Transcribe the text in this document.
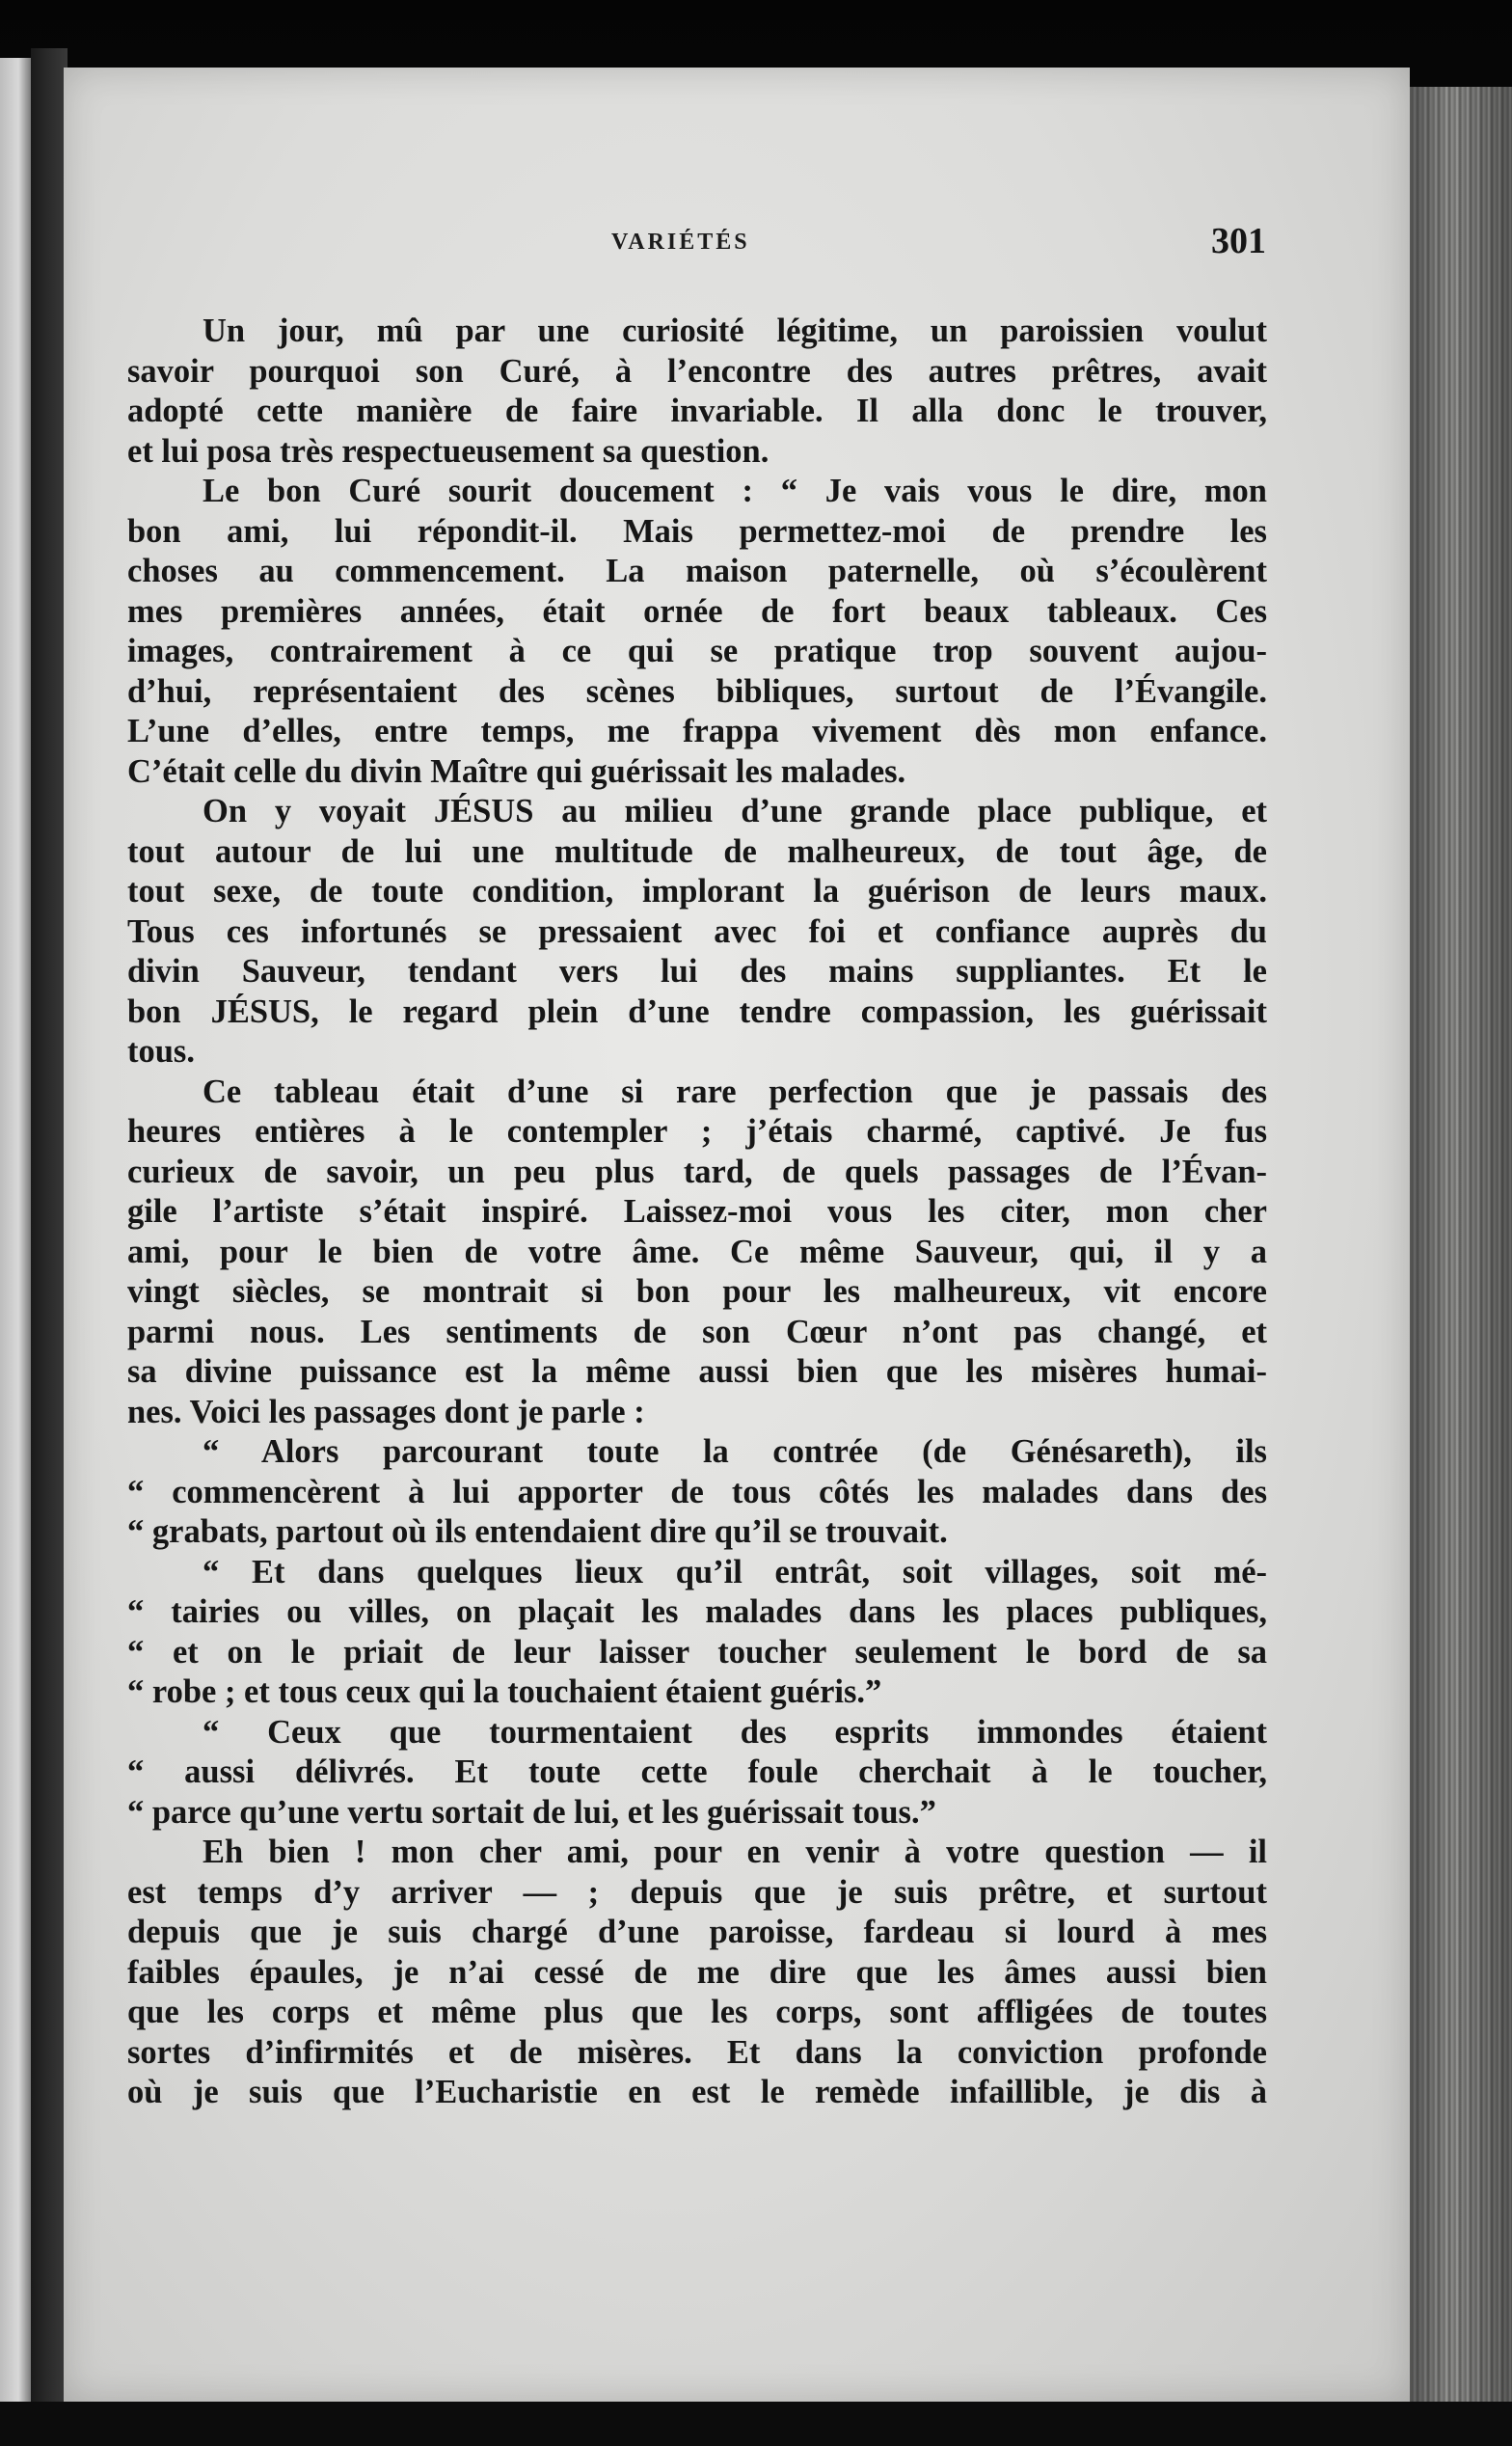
VARIÉTÉS	301
Un jour, mû par une curiosité légitime, un paroissien voulut
savoir pourquoi son Curé, à l’encontre des autres prêtres, avait
adopté cette manière de faire invariable. Il alla donc le trouver,
et lui posa très respectueusement sa question.
Le bon Curé sourit doucement : “ Je vais vous le dire, mon
bon ami, lui répondit-il. Mais permettez-moi de prendre les
choses au commencement. La maison paternelle, où s’écoulèrent
mes premières années, était ornée de fort beaux tableaux. Ces
images, contrairement à ce qui se pratique trop souvent aujou-
d’hui, représentaient des scènes bibliques, surtout de l’Évangile.
L’une d’elles, entre temps, me frappa vivement dès mon enfance.
C’était celle du divin Maître qui guérissait les malades.
On y voyait JÉSUS au milieu d’une grande place publique, et
tout autour de lui une multitude de malheureux, de tout âge, de
tout sexe, de toute condition, implorant la guérison de leurs maux.
Tous ces infortunés se pressaient avec foi et confiance auprès du
divin Sauveur, tendant vers lui des mains suppliantes. Et le
bon JÉSUS, le regard plein d’une tendre compassion, les guérissait
tous.
Ce tableau était d’une si rare perfection que je passais des
heures entières à le contempler ; j’étais charmé, captivé. Je fus
curieux de savoir, un peu plus tard, de quels passages de l’Évan-
gile l’artiste s’était inspiré. Laissez-moi vous les citer, mon cher
ami, pour le bien de votre âme. Ce même Sauveur, qui, il y a
vingt siècles, se montrait si bon pour les malheureux, vit encore
parmi nous. Les sentiments de son Cœur n’ont pas changé, et
sa divine puissance est la même aussi bien que les misères humai-
nes. Voici les passages dont je parle :
“ Alors parcourant toute la contrée (de Génésareth), ils
“ commencèrent à lui apporter de tous côtés les malades dans des
“ grabats, partout où ils entendaient dire qu’il se trouvait.
“ Et dans quelques lieux qu’il entrât, soit villages, soit mé-
“ tairies ou villes, on plaçait les malades dans les places publiques,
“ et on le priait de leur laisser toucher seulement le bord de sa
“ robe ; et tous ceux qui la touchaient étaient guéris.”
“ Ceux que tourmentaient des esprits immondes étaient
“ aussi délivrés. Et toute cette foule cherchait à le toucher,
“ parce qu’une vertu sortait de lui, et les guérissait tous.”
Eh bien ! mon cher ami, pour en venir à votre question — il
est temps d’y arriver — ; depuis que je suis prêtre, et surtout
depuis que je suis chargé d’une paroisse, fardeau si lourd à mes
faibles épaules, je n’ai cessé de me dire que les âmes aussi bien
que les corps et même plus que les corps, sont affligées de toutes
sortes d’infirmités et de misères. Et dans la conviction profonde
où je suis que l’Eucharistie en est le remède infaillible, je dis à
